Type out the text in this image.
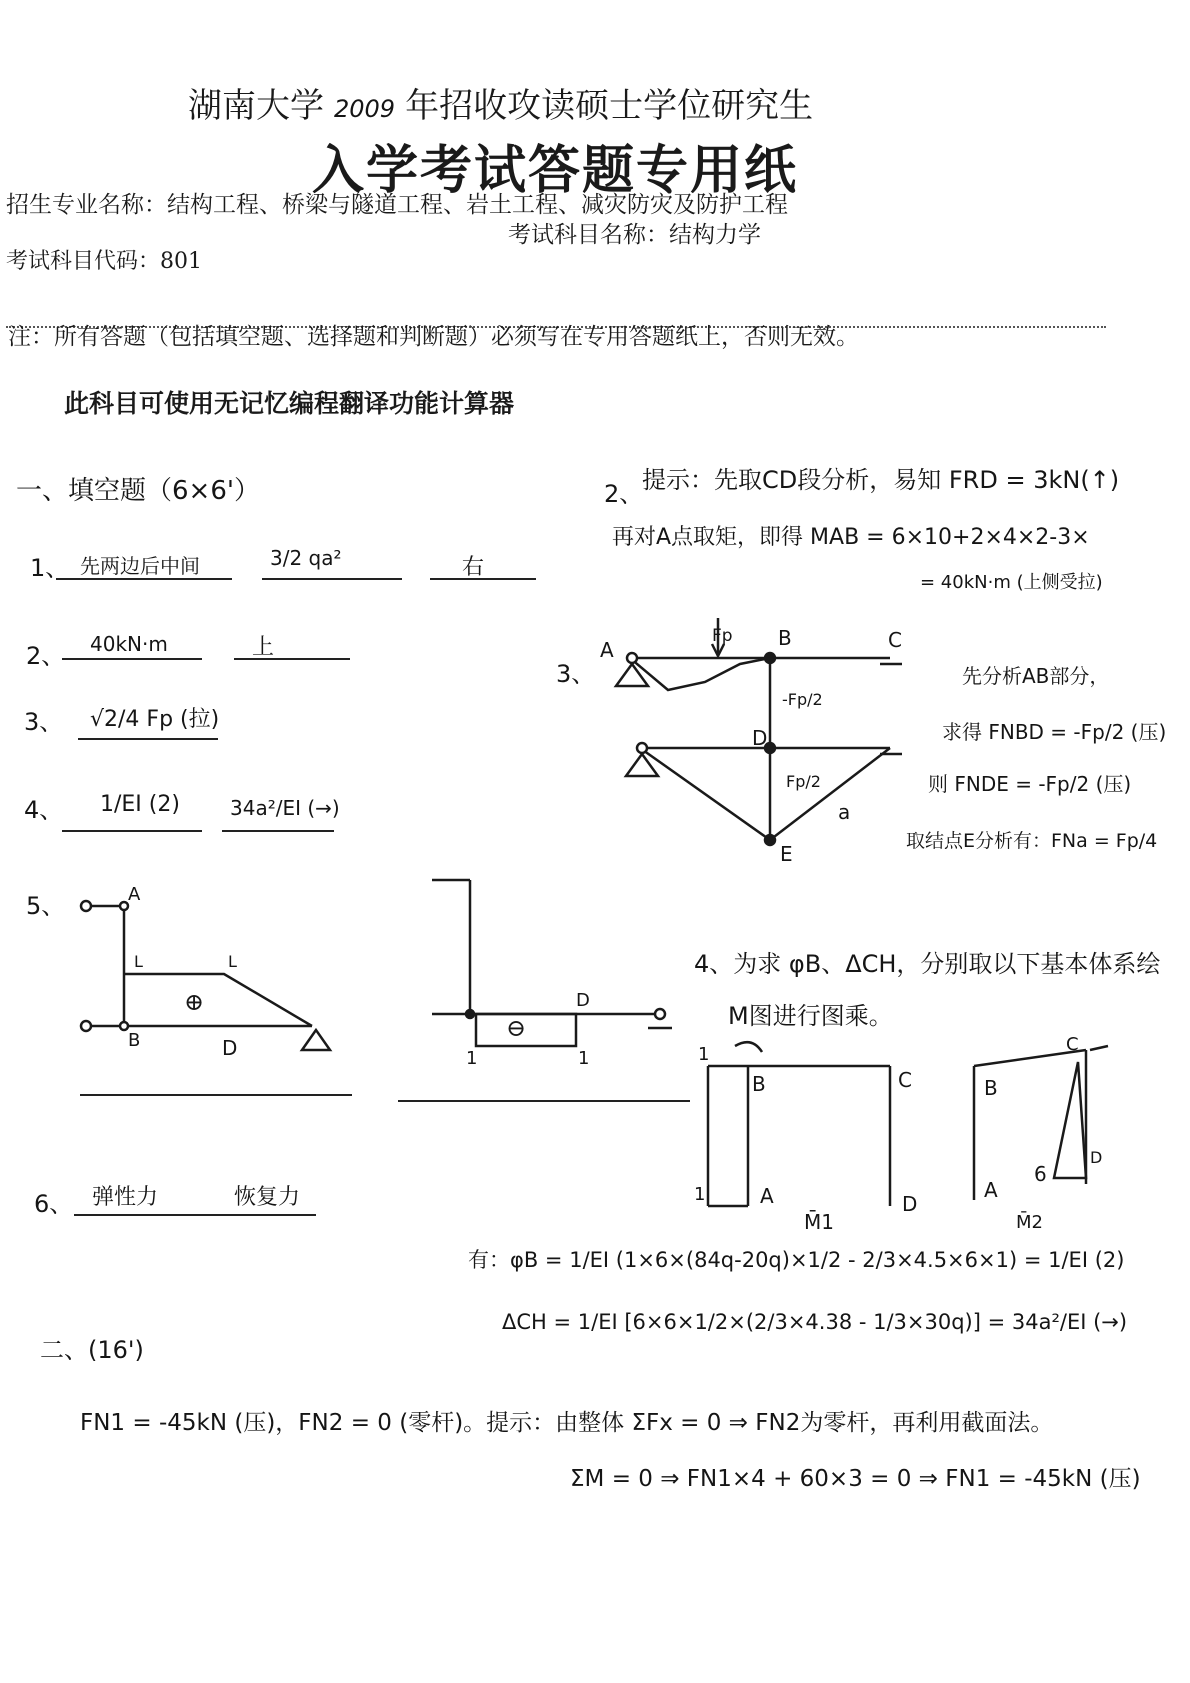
湖南大学 2009 年招收攻读硕士学位研究生
入学考试答题专用纸
招生专业名称：结构工程、桥梁与隧道工程、岩土工程、减灾防灾及防护工程
考试科目名称：结构力学
考试科目代码：801
注：所有答题（包括填空题、选择题和判断题）必须写在专用答题纸上，否则无效。
此科目可使用无记忆编程翻译功能计算器
一、填空题（6×6'）
1、 先两边后中间	3/2 qa²	右
2、 40kN·m	上
3、 √2/4 Fp (拉)
4、 1/EI (2)	34a²/EI (→)
5、
6、 弹性力	恢复力
二、(16')
FN1 = -45kN (压)，FN2 = 0 (零杆)。提示：由整体 ΣFx = 0 ⇒ FN2为零杆，再利用截面法。
ΣM = 0 ⇒ FN1×4 + 60×3 = 0 ⇒ FN1 = -45kN (压)
2、
提示：先取CD段分析，易知 FRD = 3kN(↑)
再对A点取矩，即得 MAB = 6×10+2×4×2-3×
= 40kN·m (上侧受拉)
3、	先分析AB部分，
求得 FNBD = -Fp/2 (压)
则 FNDE = -Fp/2 (压)
取结点E分析有：FNa = Fp/4
4、为求 φB、ΔCH，分别取以下基本体系绘
M图进行图乘。
有：φB = 1/EI (1×6×(84q-20q)×1/2 - 2/3×4.5×6×1) = 1/EI (2)
ΔCH = 1/EI [6×6×1/2×(2/3×4.38 - 1/3×30q)] = 34a²/EI (→)
A	B	C
D
E
a
Fp
-Fp/2
Fp/2
A
B	D
L	L
⊕
⊖
D
1	1
B	C
A	D
1
1
M̄1
B
C
A
D
6
M̄2
